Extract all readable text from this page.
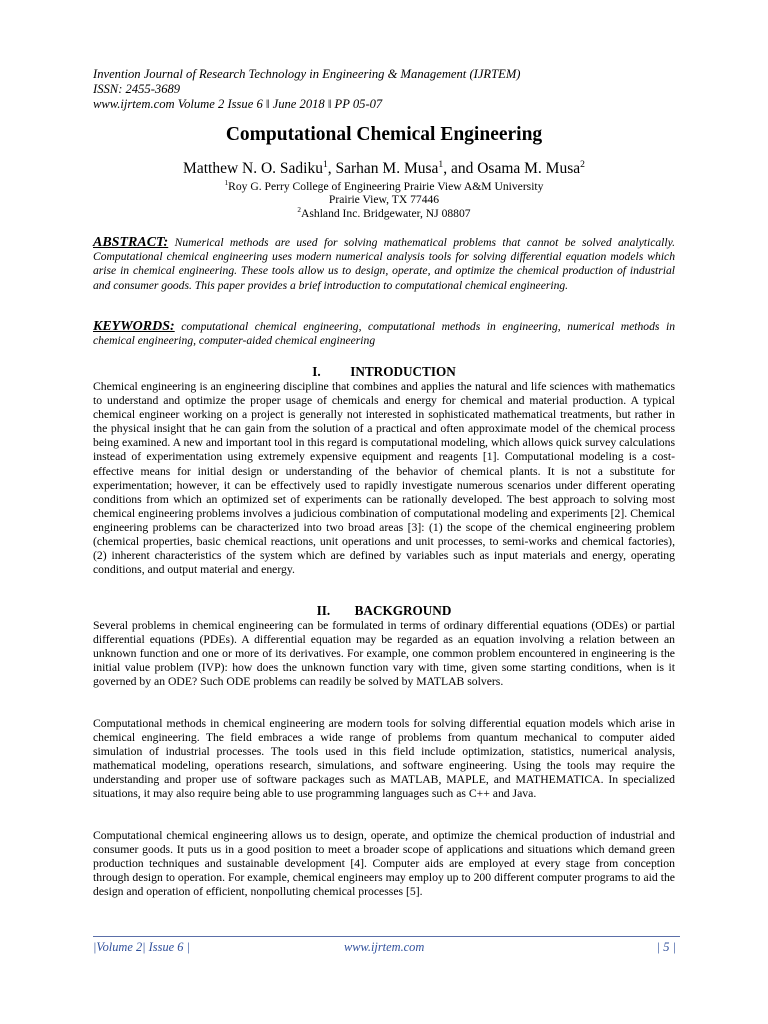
Invention Journal of Research Technology in Engineering & Management (IJRTEM)
ISSN: 2455-3689
www.ijrtem.com Volume 2 Issue 6 ǁ June 2018 ǁ PP 05-07
Computational Chemical Engineering
Matthew N. O. Sadiku$^1$, Sarhan M. Musa$^1$, and Osama M. Musa$^2$
$^1$Roy G. Perry College of Engineering Prairie View A&M University
Prairie View, TX 77446
$^2$Ashland Inc. Bridgewater, NJ 08807
ABSTRACT: Numerical methods are used for solving mathematical problems that cannot be solved analytically. Computational chemical engineering uses modern numerical analysis tools for solving differential equation models which arise in chemical engineering. These tools allow us to design, operate, and optimize the chemical production of industrial and consumer goods. This paper provides a brief introduction to computational chemical engineering.
KEYWORDS: computational chemical engineering, computational methods in engineering, numerical methods in chemical engineering, computer-aided chemical engineering
I. INTRODUCTION
Chemical engineering is an engineering discipline that combines and applies the natural and life sciences with mathematics to understand and optimize the proper usage of chemicals and energy for chemical and material production. A typical chemical engineer working on a project is generally not interested in sophisticated mathematical treatments, but rather in the physical insight that he can gain from the solution of a practical and often approximate model of the chemical process being examined. A new and important tool in this regard is computational modeling, which allows quick survey calculations instead of experimentation using extremely expensive equipment and reagents [1]. Computational modeling is a cost-effective means for initial design or understanding of the behavior of chemical plants. It is not a substitute for experimentation; however, it can be effectively used to rapidly investigate numerous scenarios under different operating conditions from which an optimized set of experiments can be rationally developed. The best approach to solving most chemical engineering problems involves a judicious combination of computational modeling and experiments [2]. Chemical engineering problems can be characterized into two broad areas [3]: (1) the scope of the chemical engineering problem (chemical properties, basic chemical reactions, unit operations and unit processes, to semi-works and chemical factories), (2) inherent characteristics of the system which are defined by variables such as input materials and energy, operating conditions, and output material and energy.
II. BACKGROUND
Several problems in chemical engineering can be formulated in terms of ordinary differential equations (ODEs) or partial differential equations (PDEs). A differential equation may be regarded as an equation involving a relation between an unknown function and one or more of its derivatives. For example, one common problem encountered in engineering is the initial value problem (IVP): how does the unknown function vary with time, given some starting conditions, when is it governed by an ODE? Such ODE problems can readily be solved by MATLAB solvers.
Computational methods in chemical engineering are modern tools for solving differential equation models which arise in chemical engineering. The field embraces a wide range of problems from quantum mechanical to computer aided simulation of industrial processes. The tools used in this field include optimization, statistics, numerical analysis, mathematical modeling, operations research, simulations, and software engineering. Using the tools may require the understanding and proper use of software packages such as MATLAB, MAPLE, and MATHEMATICA. In specialized situations, it may also require being able to use programming languages such as C++ and Java.
Computational chemical engineering allows us to design, operate, and optimize the chemical production of industrial and consumer goods. It puts us in a good position to meet a broader scope of applications and situations which demand green production techniques and sustainable development [4]. Computer aids are employed at every stage from conception through design to operation. For example, chemical engineers may employ up to 200 different computer programs to aid the design and operation of efficient, nonpolluting chemical processes [5].
|Volume 2| Issue 6 |	www.ijrtem.com	| 5 |
